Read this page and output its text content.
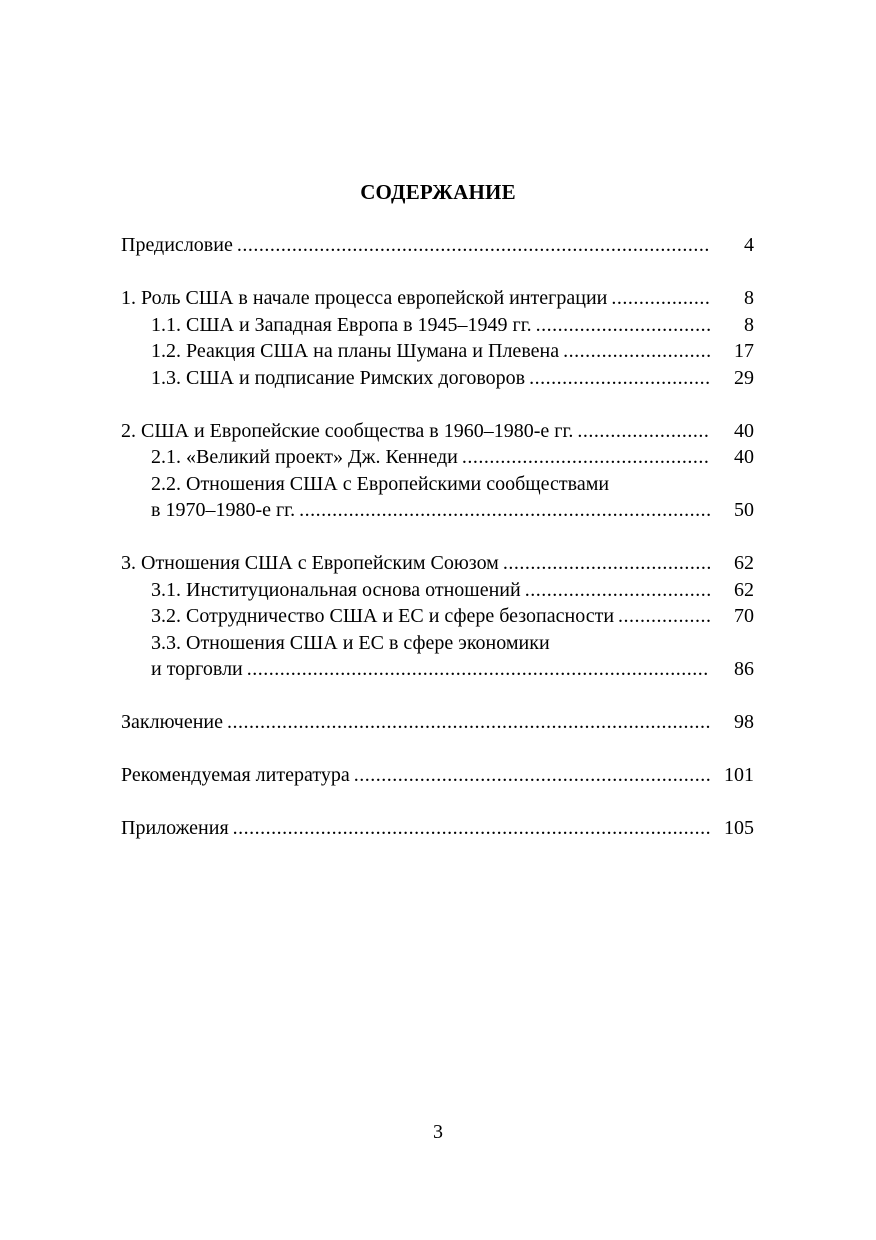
СОДЕРЖАНИЕ
Предисловие .....	4
1. Роль США в начале процесса европейской интеграции .....	8
1.1. США и Западная Европа в 1945–1949 гг. .....	8
1.2. Реакция США на планы Шумана и Плевена .....	17
1.3. США и подписание Римских договоров .....	29
2. США и Европейские сообщества в 1960–1980-е гг. .....	40
2.1. «Великий проект» Дж. Кеннеди .....	40
2.2. Отношения США с Европейскими сообществами
в 1970–1980-е гг. .....	50
3. Отношения США с Европейским Союзом .....	62
3.1. Институциональная основа отношений .....	62
3.2. Сотрудничество США и ЕС и сфере безопасности .....	70
3.3. Отношения США и ЕС в сфере экономики
и торговли .....	86
Заключение .....	98
Рекомендуемая литература .....	101
Приложения .....	105
3
